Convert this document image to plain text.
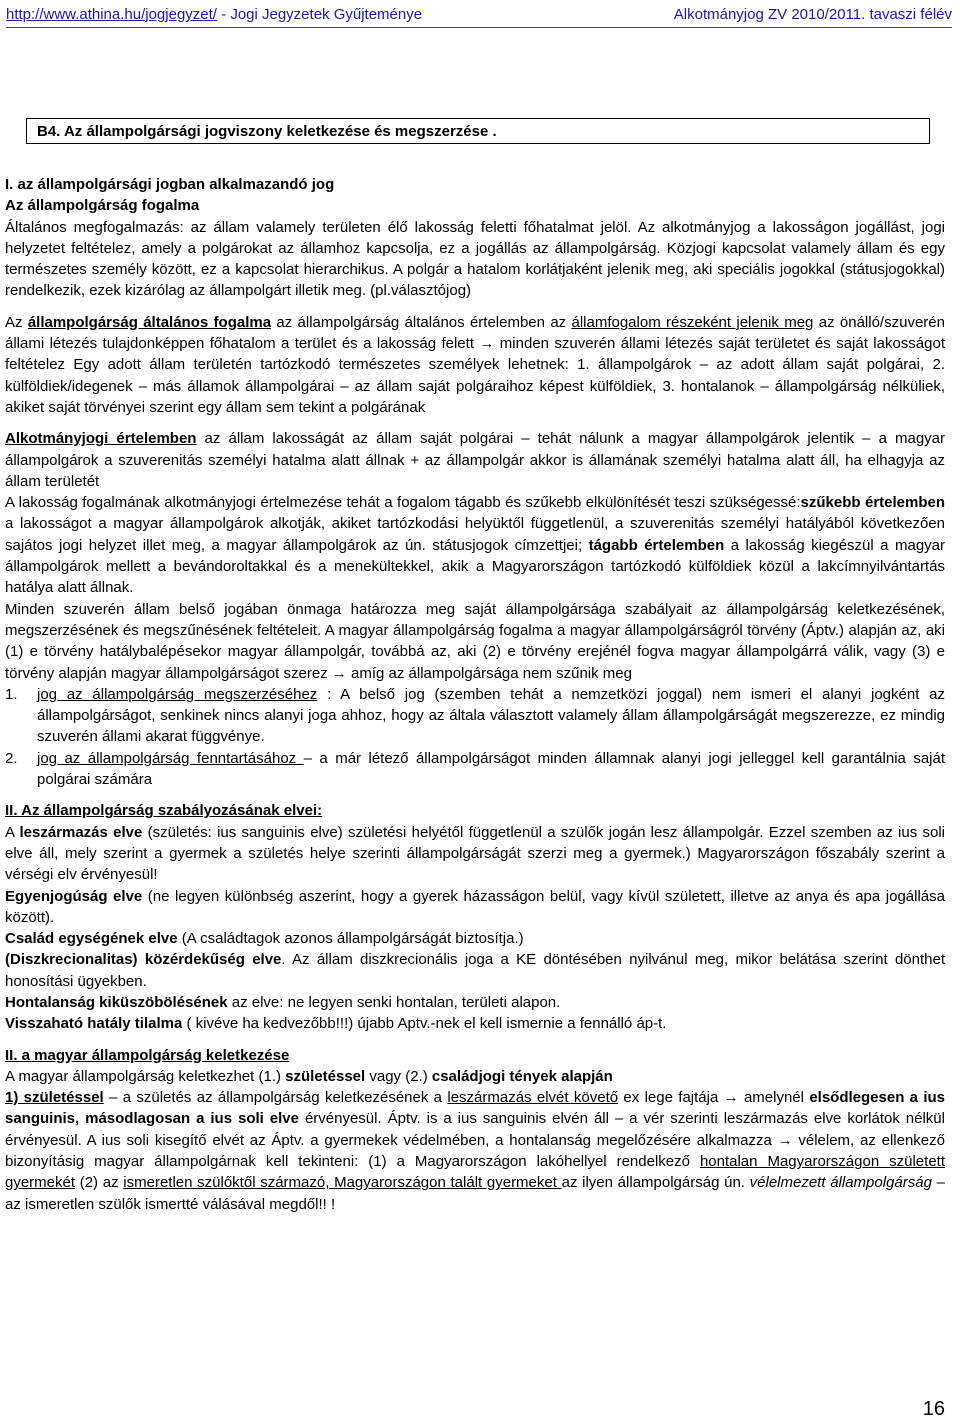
http://www.athina.hu/jogjegyzet/ - Jogi Jegyzetek Gyűjteménye	Alkotmányjog ZV 2010/2011. tavaszi félév
B4. Az állampolgársági jogviszony keletkezése és megszerzése .

I. az állampolgársági jogban alkalmazandó jog

Az állampolgárság fogalma

Általános megfogalmazás: az állam valamely területen élő lakosság feletti főhatalmat jelöl. Az alkotmányjog a lakosságon jogállást, jogi helyzetet feltételez, amely a polgárokat az államhoz kapcsolja, ez a jogállás az állampolgárság. Közjogi kapcsolat valamely állam és egy természetes személy között, ez a kapcsolat hierarchikus. A polgár a hatalom korlátjaként jelenik meg, aki speciális jogokkal (státusjogokkal) rendelkezik, ezek kizárólag az állampolgárt illetik meg. (pl.választójog)

Az állampolgárság általános fogalma az állampolgárság általános értelemben az államfogalom részeként jelenik meg az önálló/szuverén állami létezés tulajdonképpen főhatalom a terület és a lakosság felett → minden szuverén állami létezés saját területet és saját lakosságot feltételez Egy adott állam területén tartózkodó természetes személyek lehetnek: 1. állampolgárok – az adott állam saját polgárai, 2. külföldiek/idegenek – más államok állampolgárai – az állam saját polgáraihoz képest külföldiek, 3. hontalanok – állampolgárság nélküliek, akiket saját törvényei szerint egy állam sem tekint a polgárának

Alkotmányjogi értelemben az állam lakosságát az állam saját polgárai – tehát nálunk a magyar állampolgárok jelentik – a magyar állampolgárok a szuverenitás személyi hatalma alatt állnak + az állampolgár akkor is államának személyi hatalma alatt áll, ha elhagyja az állam területét

A lakosság fogalmának alkotmányjogi értelmezése tehát a fogalom tágabb és szűkebb elkülönítését teszi szükségessé:szűkebb értelemben a lakosságot a magyar állampolgárok alkotják, akiket tartózkodási helyüktől függetlenül, a szuverenitás személyi hatályából következően sajátos jogi helyzet illet meg, a magyar állampolgárok az ún. státusjogok címzettjei; tágabb értelemben a lakosság kiegészül a magyar állampolgárok mellett a bevándoroltakkal és a menekültekkel, akik a Magyarországon tartózkodó külföldiek közül a lakcímnyilvántartás hatálya alatt állnak.

Minden szuverén állam belső jogában önmaga határozza meg saját állampolgársága szabályait az állampolgárság keletkezésének, megszerzésének és megszűnésének feltételeit. A magyar állampolgárság fogalma a magyar állampolgárságról törvény (Áptv.) alapján az, aki (1) e törvény hatálybalépésekor magyar állampolgár, továbbá az, aki (2) e törvény erejénél fogva magyar állampolgárrá válik, vagy (3) e törvény alapján magyar állampolgárságot szerez → amíg az állampolgársága nem szűnik meg

1.	jog az állampolgárság megszerzéséhez : A belső jog (szemben tehát a nemzetközi joggal) nem ismeri el alanyi jogként az állampolgárságot, senkinek nincs alanyi joga ahhoz, hogy az általa választott valamely állam állampolgárságát megszerezze, ez mindig szuverén állami akarat függvénye.
2.	jog az állampolgárság fenntartásához – a már létező állampolgárságot minden államnak alanyi jogi jelleggel kell garantálnia saját polgárai számára

II. Az állampolgárság szabályozásának elvei:

A leszármazás elve (születés: ius sanguinis elve) születési helyétől függetlenül a szülők jogán lesz állampolgár. Ezzel szemben az ius soli elve áll, mely szerint a gyermek a születés helye szerinti állampolgárságát szerzi meg a gyermek.) Magyarországon főszabály szerint a vérségi elv érvényesül!

Egyenjogúság elve (ne legyen különbség aszerint, hogy a gyerek házasságon belül, vagy kívül született, illetve az anya és apa jogállása között).

Család egységének elve (A családtagok azonos állampolgárságát biztosítja.)

(Diszkrecionalitas) közérdekűség elve. Az állam diszkrecionális joga a KE döntésében nyilvánul meg, mikor belátása szerint dönthet honosítási ügyekben.

Hontalanság kiküszöbölésének az elve: ne legyen senki hontalan, területi alapon.

Visszaható hatály tilalma ( kivéve ha kedvezőbb!!!) újabb Aptv.-nek el kell ismernie a fennálló áp-t.

II. a magyar állampolgárság keletkezése

A magyar állampolgárság keletkezhet (1.) születéssel vagy (2.) családjogi tények alapján

1) születéssel – a születés az állampolgárság keletkezésének a leszármazás elvét követő ex lege fajtája → amelynél elsődlegesen a ius sanguinis, másodlagosan a ius soli elve érvényesül. Áptv. is a ius sanguinis elvén áll – a vér szerinti leszármazás elve korlátok nélkül érvényesül. A ius soli kisegítő elvét az Áptv. a gyermekek védelmében, a hontalanság megelőzésére alkalmazza → vélelem, az ellenkező bizonyításig magyar állampolgárnak kell tekinteni: (1) a Magyarországon lakóhellyel rendelkező hontalan Magyarországon született gyermekét (2) az ismeretlen szülőktől származó, Magyarországon talált gyermeket az ilyen állampolgárság ún. vélelmezett állampolgárság – az ismeretlen szülők ismertté válásával megdől!! !

16
